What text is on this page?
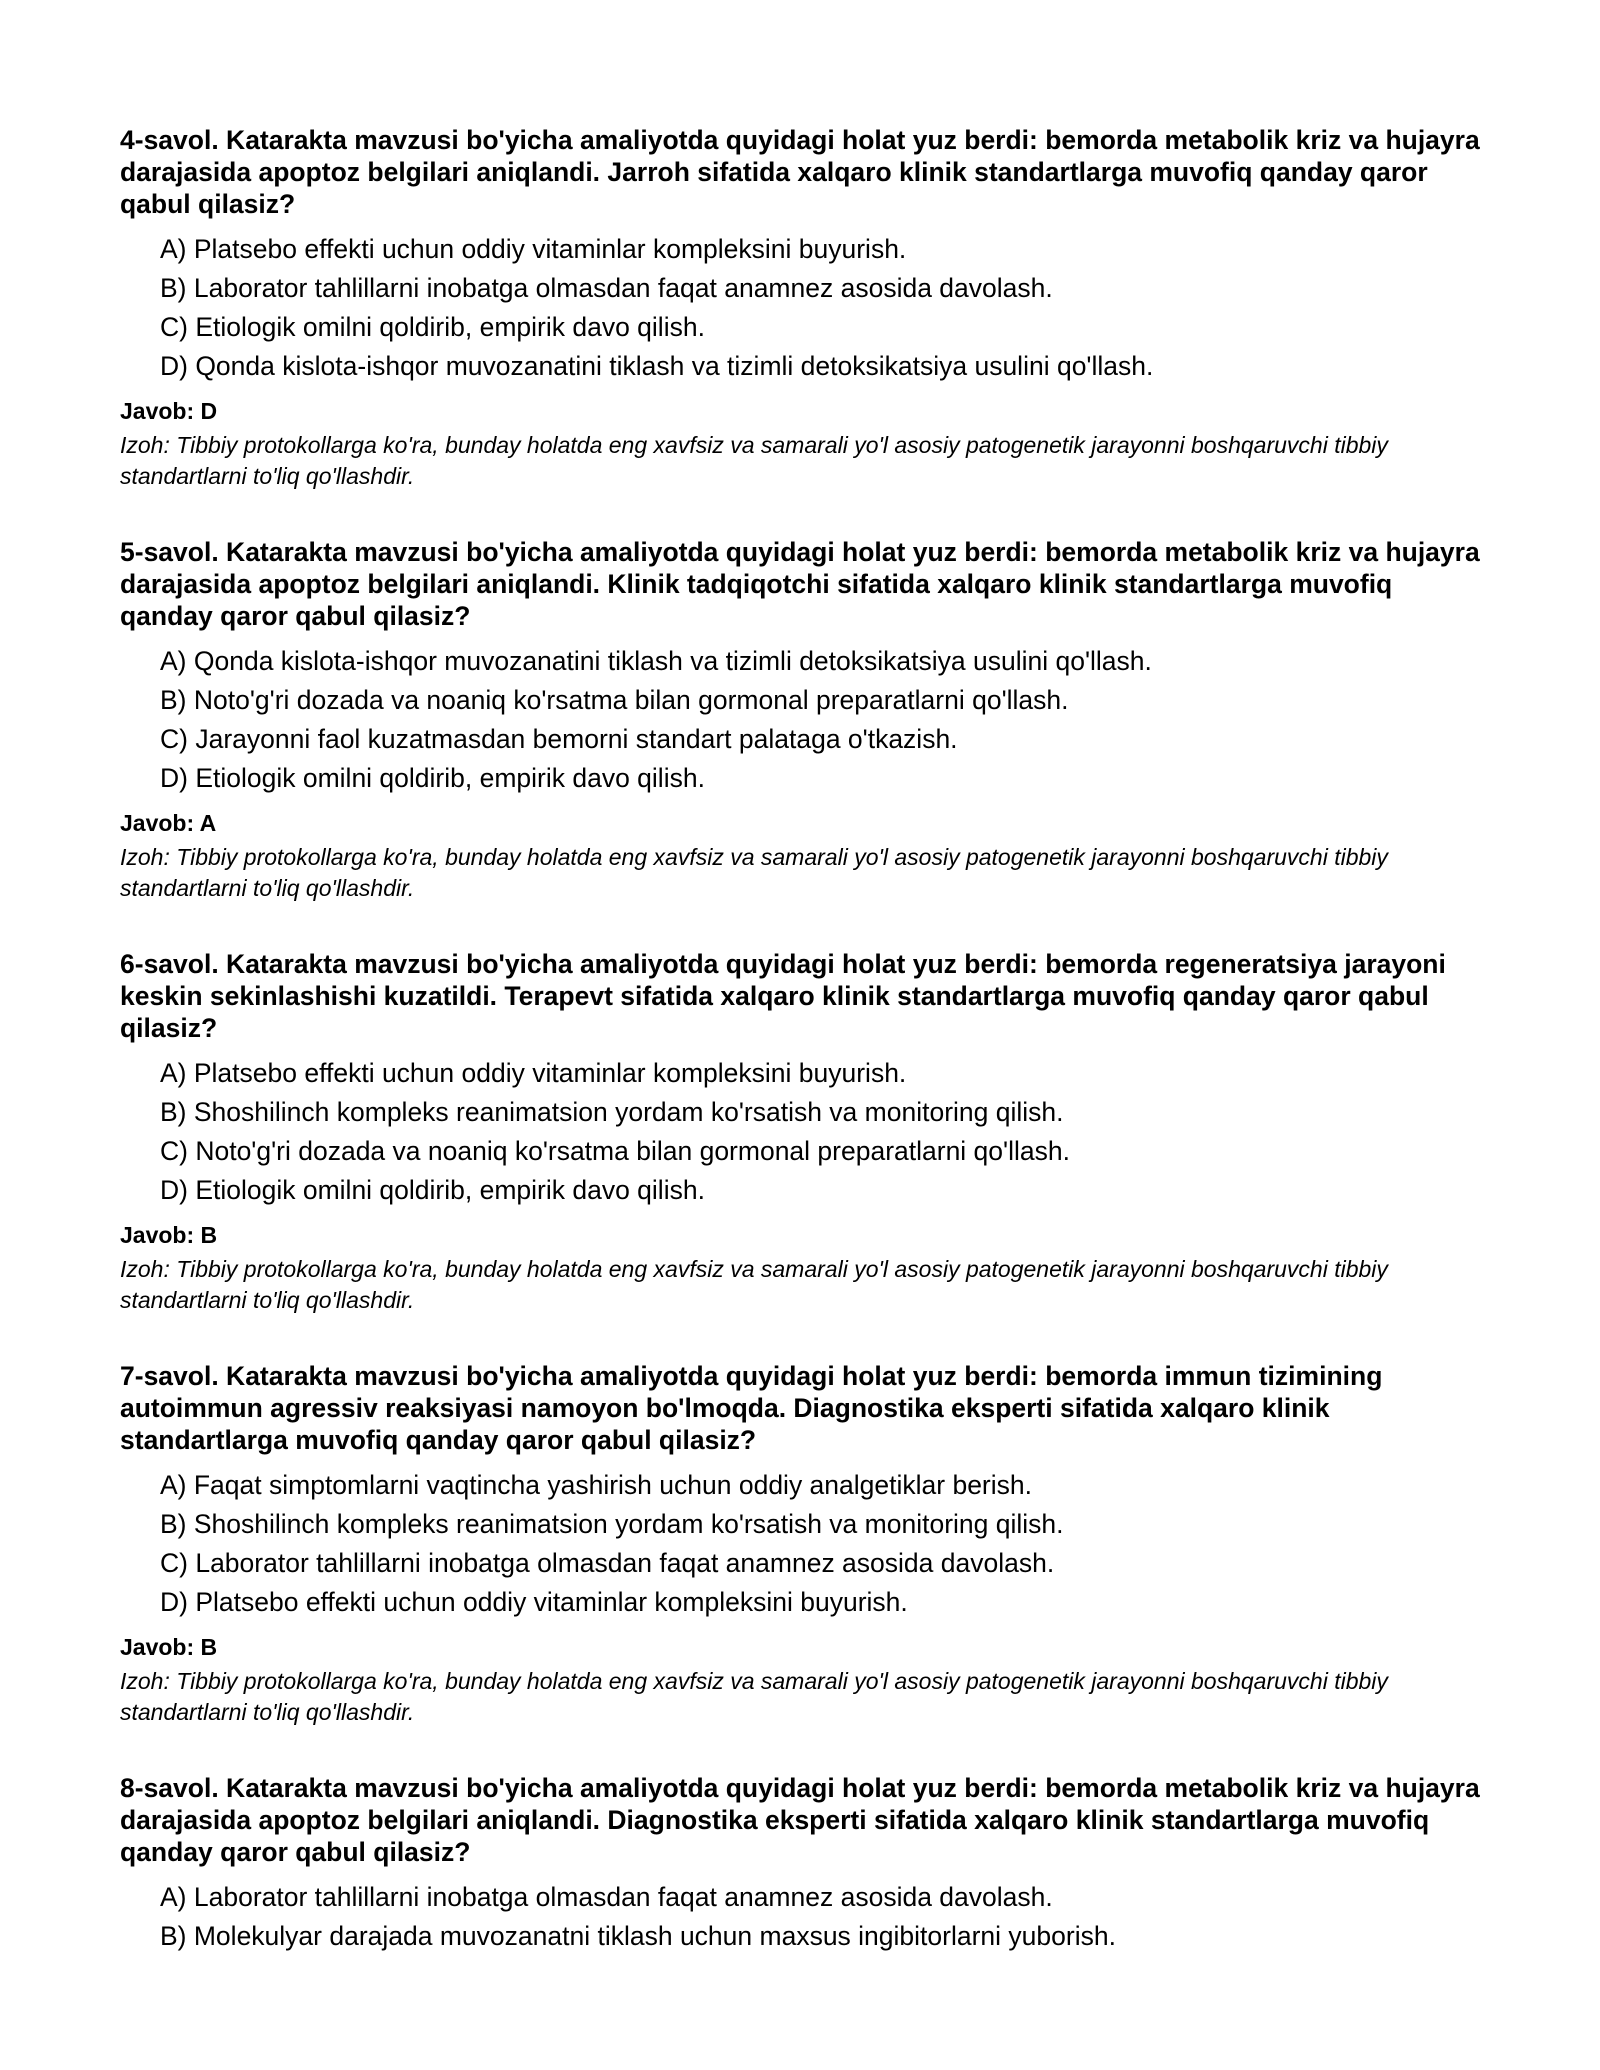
4-savol. Katarakta mavzusi bo'yicha amaliyotda quyidagi holat yuz berdi: bemorda metabolik kriz va hujayra darajasida apoptoz belgilari aniqlandi. Jarroh sifatida xalqaro klinik standartlarga muvofiq qanday qaror qabul qilasiz?

A) Platsebo effekti uchun oddiy vitaminlar kompleksini buyurish.
B) Laborator tahlillarni inobatga olmasdan faqat anamnez asosida davolash.
C) Etiologik omilni qoldirib, empirik davo qilish.
D) Qonda kislota-ishqor muvozanatini tiklash va tizimli detoksikatsiya usulini qo'llash.

Javob: D

Izoh: Tibbiy protokollarga ko'ra, bunday holatda eng xavfsiz va samarali yo'l asosiy patogenetik jarayonni boshqaruvchi tibbiy standartlarni to'liq qo'llashdir.

5-savol. Katarakta mavzusi bo'yicha amaliyotda quyidagi holat yuz berdi: bemorda metabolik kriz va hujayra darajasida apoptoz belgilari aniqlandi. Klinik tadqiqotchi sifatida xalqaro klinik standartlarga muvofiq qanday qaror qabul qilasiz?

A) Qonda kislota-ishqor muvozanatini tiklash va tizimli detoksikatsiya usulini qo'llash.
B) Noto'g'ri dozada va noaniq ko'rsatma bilan gormonal preparatlarni qo'llash.
C) Jarayonni faol kuzatmasdan bemorni standart palataga o'tkazish.
D) Etiologik omilni qoldirib, empirik davo qilish.

Javob: A

Izoh: Tibbiy protokollarga ko'ra, bunday holatda eng xavfsiz va samarali yo'l asosiy patogenetik jarayonni boshqaruvchi tibbiy standartlarni to'liq qo'llashdir.

6-savol. Katarakta mavzusi bo'yicha amaliyotda quyidagi holat yuz berdi: bemorda regeneratsiya jarayoni keskin sekinlashishi kuzatildi. Terapevt sifatida xalqaro klinik standartlarga muvofiq qanday qaror qabul qilasiz?

A) Platsebo effekti uchun oddiy vitaminlar kompleksini buyurish.
B) Shoshilinch kompleks reanimatsion yordam ko'rsatish va monitoring qilish.
C) Noto'g'ri dozada va noaniq ko'rsatma bilan gormonal preparatlarni qo'llash.
D) Etiologik omilni qoldirib, empirik davo qilish.

Javob: B

Izoh: Tibbiy protokollarga ko'ra, bunday holatda eng xavfsiz va samarali yo'l asosiy patogenetik jarayonni boshqaruvchi tibbiy standartlarni to'liq qo'llashdir.

7-savol. Katarakta mavzusi bo'yicha amaliyotda quyidagi holat yuz berdi: bemorda immun tizimining autoimmun agressiv reaksiyasi namoyon bo'lmoqda. Diagnostika eksperti sifatida xalqaro klinik standartlarga muvofiq qanday qaror qabul qilasiz?

A) Faqat simptomlarni vaqtincha yashirish uchun oddiy analgetiklar berish.
B) Shoshilinch kompleks reanimatsion yordam ko'rsatish va monitoring qilish.
C) Laborator tahlillarni inobatga olmasdan faqat anamnez asosida davolash.
D) Platsebo effekti uchun oddiy vitaminlar kompleksini buyurish.

Javob: B

Izoh: Tibbiy protokollarga ko'ra, bunday holatda eng xavfsiz va samarali yo'l asosiy patogenetik jarayonni boshqaruvchi tibbiy standartlarni to'liq qo'llashdir.

8-savol. Katarakta mavzusi bo'yicha amaliyotda quyidagi holat yuz berdi: bemorda metabolik kriz va hujayra darajasida apoptoz belgilari aniqlandi. Diagnostika eksperti sifatida xalqaro klinik standartlarga muvofiq qanday qaror qabul qilasiz?

A) Laborator tahlillarni inobatga olmasdan faqat anamnez asosida davolash.
B) Molekulyar darajada muvozanatni tiklash uchun maxsus ingibitorlarni yuborish.
